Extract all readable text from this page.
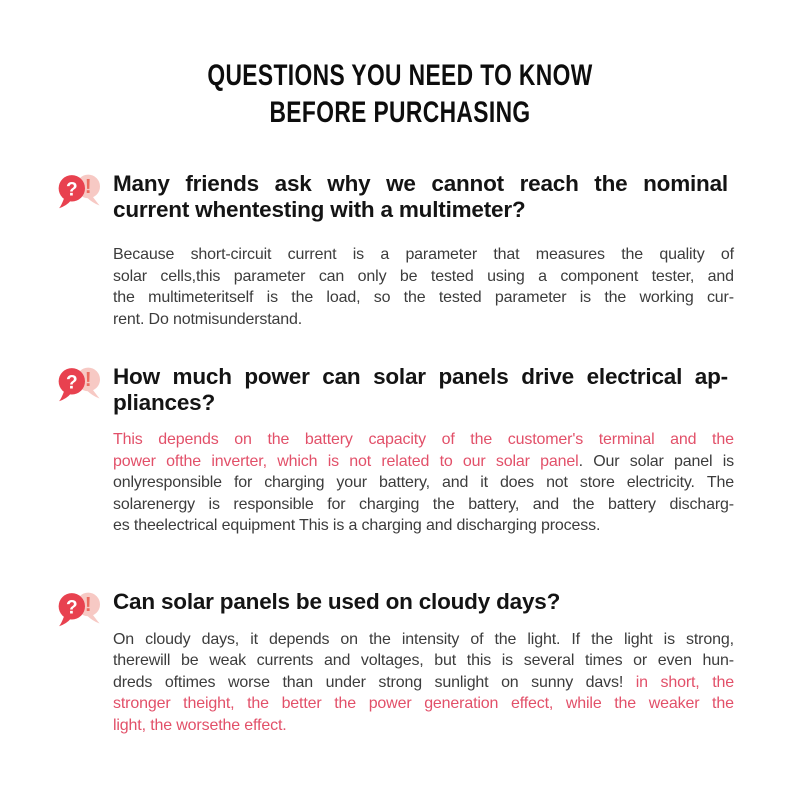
QUESTIONS YOU NEED TO KNOW
BEFORE PURCHASING
!
? Many friends ask why we cannot reach the nominal
current whentesting with a multimeter?
Because short-circuit current is a parameter that measures the quality of
solar cells,this parameter can only be tested using a component tester, and
the multimeteritself is the load, so the tested parameter is the working cur-
rent. Do notmisunderstand.
!
? How much power can solar panels drive electrical ap-
pliances?
This depends on the battery capacity of the customer's terminal and the
power ofthe inverter, which is not related to our solar panel. Our solar panel is
onlyresponsible for charging your battery, and it does not store electricity. The
solarenergy is responsible for charging the battery, and the battery discharg-
es theelectrical equipment This is a charging and discharging process.
!
? Can solar panels be used on cloudy days?
On cloudy days, it depends on the intensity of the light. If the light is strong,
therewill be weak currents and voltages, but this is several times or even hun-
dreds oftimes worse than under strong sunlight on sunny davs! in short, the
stronger theight, the better the power generation effect, while the weaker the
light, the worsethe effect.
